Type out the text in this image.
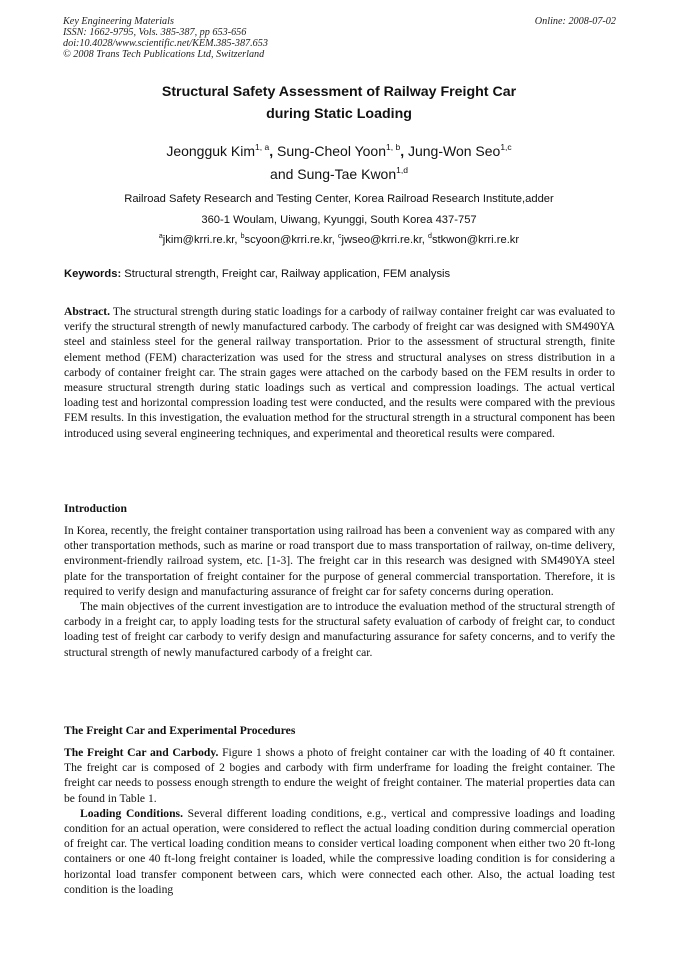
Key Engineering Materials
ISSN: 1662-9795, Vols. 385-387, pp 653-656
doi:10.4028/www.scientific.net/KEM.385-387.653
© 2008 Trans Tech Publications Ltd, Switzerland
Online: 2008-07-02
Structural Safety Assessment of Railway Freight Car
during Static Loading
Jeongguk Kim$^{1, a}$, Sung-Cheol Yoon$^{1, b}$, Jung-Won Seo$^{1,c}$
and Sung-Tae Kwon$^{1,d}$
Railroad Safety Research and Testing Center, Korea Railroad Research Institute,adder
360-1 Woulam, Uiwang, Kyunggi, South Korea 437-757
$^a$jkim@krri.re.kr, $^b$scyoon@krri.re.kr, $^c$jwseo@krri.re.kr, $^d$stkwon@krri.re.kr
Keywords: Structural strength, Freight car, Railway application, FEM analysis

Abstract. The structural strength during static loadings for a carbody of railway container freight car was evaluated to verify the structural strength of newly manufactured carbody. The carbody of freight car was designed with SM490YA steel and stainless steel for the general railway transportation. Prior to the assessment of structural strength, finite element method (FEM) characterization was used for the stress and structural analyses on stress distribution in a carbody of container freight car. The strain gages were attached on the carbody based on the FEM results in order to measure structural strength during static loadings such as vertical and compression loadings. The actual vertical loading test and horizontal compression loading test were conducted, and the results were compared with the previous FEM results. In this investigation, the evaluation method for the structural strength in a structural component has been introduced using several engineering techniques, and experimental and theoretical results were compared.

Introduction

In Korea, recently, the freight container transportation using railroad has been a convenient way as compared with any other transportation methods, such as marine or road transport due to mass transportation of railway, on-time delivery, environment-friendly railroad system, etc. [1-3]. The freight car in this research was designed with SM490YA steel plate for the transportation of freight container for the purpose of general commercial transportation. Therefore, it is required to verify design and manufacturing assurance of freight car for safety concerns during operation.

The main objectives of the current investigation are to introduce the evaluation method of the structural strength of carbody in a freight car, to apply loading tests for the structural safety evaluation of carbody of freight car, to conduct loading test of freight car carbody to verify design and manufacturing assurance for safety concerns, and to verify the structural strength of newly manufactured carbody of a freight car.

The Freight Car and Experimental Procedures

The Freight Car and Carbody. Figure 1 shows a photo of freight container car with the loading of 40 ft container. The freight car is composed of 2 bogies and carbody with firm underframe for loading the freight container. The freight car needs to possess enough strength to endure the weight of freight container. The material properties data can be found in Table 1.

Loading Conditions. Several different loading conditions, e.g., vertical and compressive loadings and loading condition for an actual operation, were considered to reflect the actual loading condition during commercial operation of freight car. The vertical loading condition means to consider vertical loading component when either two 20 ft-long containers or one 40 ft-long freight container is loaded, while the compressive loading condition is for considering a horizontal load transfer component between cars, which were connected each other. Also, the actual loading test condition is the loading
